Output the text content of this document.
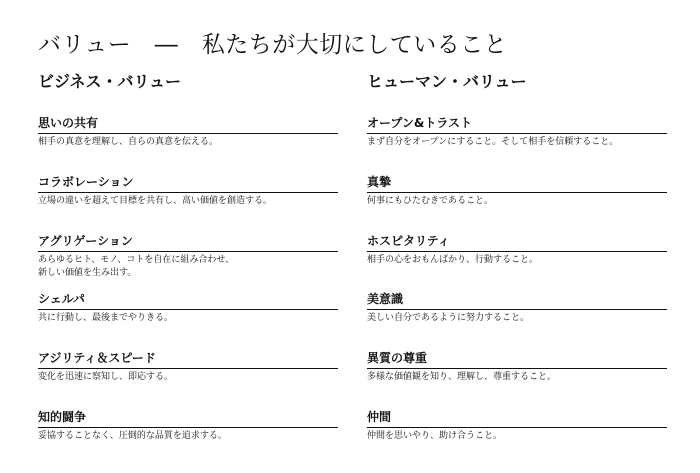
バリュー　―　私たちが大切にしていること
ビジネス・バリュー
思いの共有
相手の真意を理解し、自らの真意を伝える。
コラボレーション
立場の違いを超えて目標を共有し、高い価値を創造する。
アグリゲーション
あらゆるヒト、モノ、コトを自在に組み合わせ、
新しい価値を生み出す。
シェルパ
共に行動し、最後までやりきる。
アジリティ＆スピード
変化を迅速に察知し、即応する。
知的闘争
妥協することなく、圧倒的な品質を追求する。
ヒューマン・バリュー
オープン&トラスト
まず自分をオープンにすること。そして相手を信頼すること。
真摯
何事にもひたむきであること。
ホスピタリティ
相手の心をおもんぱかり、行動すること。
美意識
美しい自分であるように努力すること。
異質の尊重
多様な価値観を知り、理解し、尊重すること。
仲間
仲間を思いやり、助け合うこと。
